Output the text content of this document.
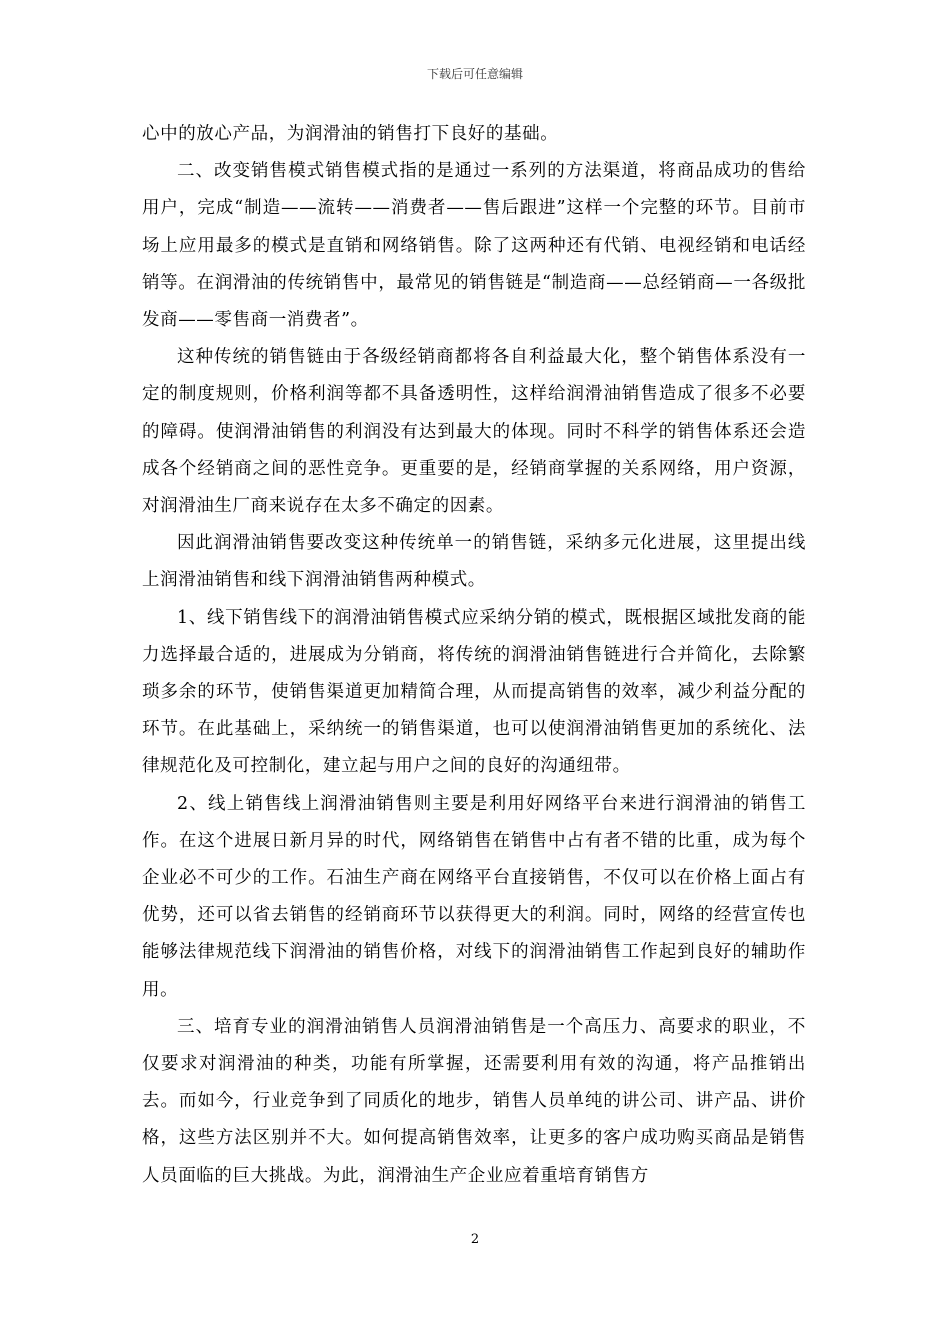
下载后可任意编辑

心中的放心产品，为润滑油的销售打下良好的基础。

二、改变销售模式销售模式指的是通过一系列的方法渠道，将商品成功的售给用户，完成“制造——流转——消费者——售后跟进”这样一个完整的环节。目前市场上应用最多的模式是直销和网络销售。除了这两种还有代销、电视经销和电话经销等。在润滑油的传统销售中，最常见的销售链是“制造商——总经销商—一各级批发商——零售商一消费者”。

这种传统的销售链由于各级经销商都将各自利益最大化，整个销售体系没有一定的制度规则，价格利润等都不具备透明性，这样给润滑油销售造成了很多不必要的障碍。使润滑油销售的利润没有达到最大的体现。同时不科学的销售体系还会造成各个经销商之间的恶性竞争。更重要的是，经销商掌握的关系网络，用户资源，对润滑油生厂商来说存在太多不确定的因素。

因此润滑油销售要改变这种传统单一的销售链，采纳多元化进展，这里提出线上润滑油销售和线下润滑油销售两种模式。

1、线下销售线下的润滑油销售模式应采纳分销的模式，既根据区域批发商的能力选择最合适的，进展成为分销商，将传统的润滑油销售链进行合并简化，去除繁琐多余的环节，使销售渠道更加精简合理，从而提高销售的效率，减少利益分配的环节。在此基础上，采纳统一的销售渠道，也可以使润滑油销售更加的系统化、法律规范化及可控制化，建立起与用户之间的良好的沟通纽带。

2、线上销售线上润滑油销售则主要是利用好网络平台来进行润滑油的销售工作。在这个进展日新月异的时代，网络销售在销售中占有者不错的比重，成为每个企业必不可少的工作。石油生产商在网络平台直接销售，不仅可以在价格上面占有优势，还可以省去销售的经销商环节以获得更大的利润。同时，网络的经营宣传也能够法律规范线下润滑油的销售价格，对线下的润滑油销售工作起到良好的辅助作用。

三、培育专业的润滑油销售人员润滑油销售是一个高压力、高要求的职业，不仅要求对润滑油的种类，功能有所掌握，还需要利用有效的沟通，将产品推销出去。而如今，行业竞争到了同质化的地步，销售人员单纯的讲公司、讲产品、讲价格，这些方法区别并不大。如何提高销售效率，让更多的客户成功购买商品是销售人员面临的巨大挑战。为此，润滑油生产企业应着重培育销售方

2
